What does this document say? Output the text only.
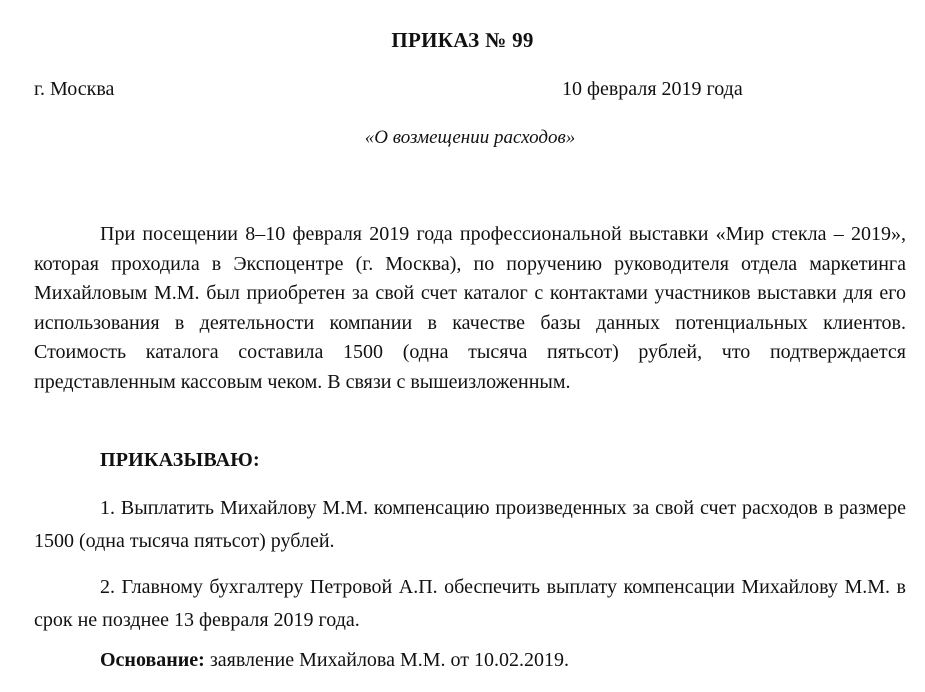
ПРИКАЗ № 99
г. Москва	10 февраля 2019 года
«О возмещении расходов»
При посещении 8–10 февраля 2019 года профессиональной выставки «Мир стекла – 2019», которая проходила в Экспоцентре (г. Москва), по поручению руководителя отдела маркетинга Михайловым М.М. был приобретен за свой счет каталог с контактами участников выставки для его использования в деятельности компании в качестве базы данных потенциальных клиентов. Стоимость каталога составила 1500 (одна тысяча пятьсот) рублей, что подтверждается представленным кассовым чеком. В связи с вышеизложенным.
ПРИКАЗЫВАЮ:
1. Выплатить Михайлову М.М. компенсацию произведенных за свой счет расходов в размере 1500 (одна тысяча пятьсот) рублей.
2. Главному бухгалтеру Петровой А.П. обеспечить выплату компенсации Михайлову М.М. в срок не позднее 13 февраля 2019 года.
Основание: заявление Михайлова М.М. от 10.02.2019.
